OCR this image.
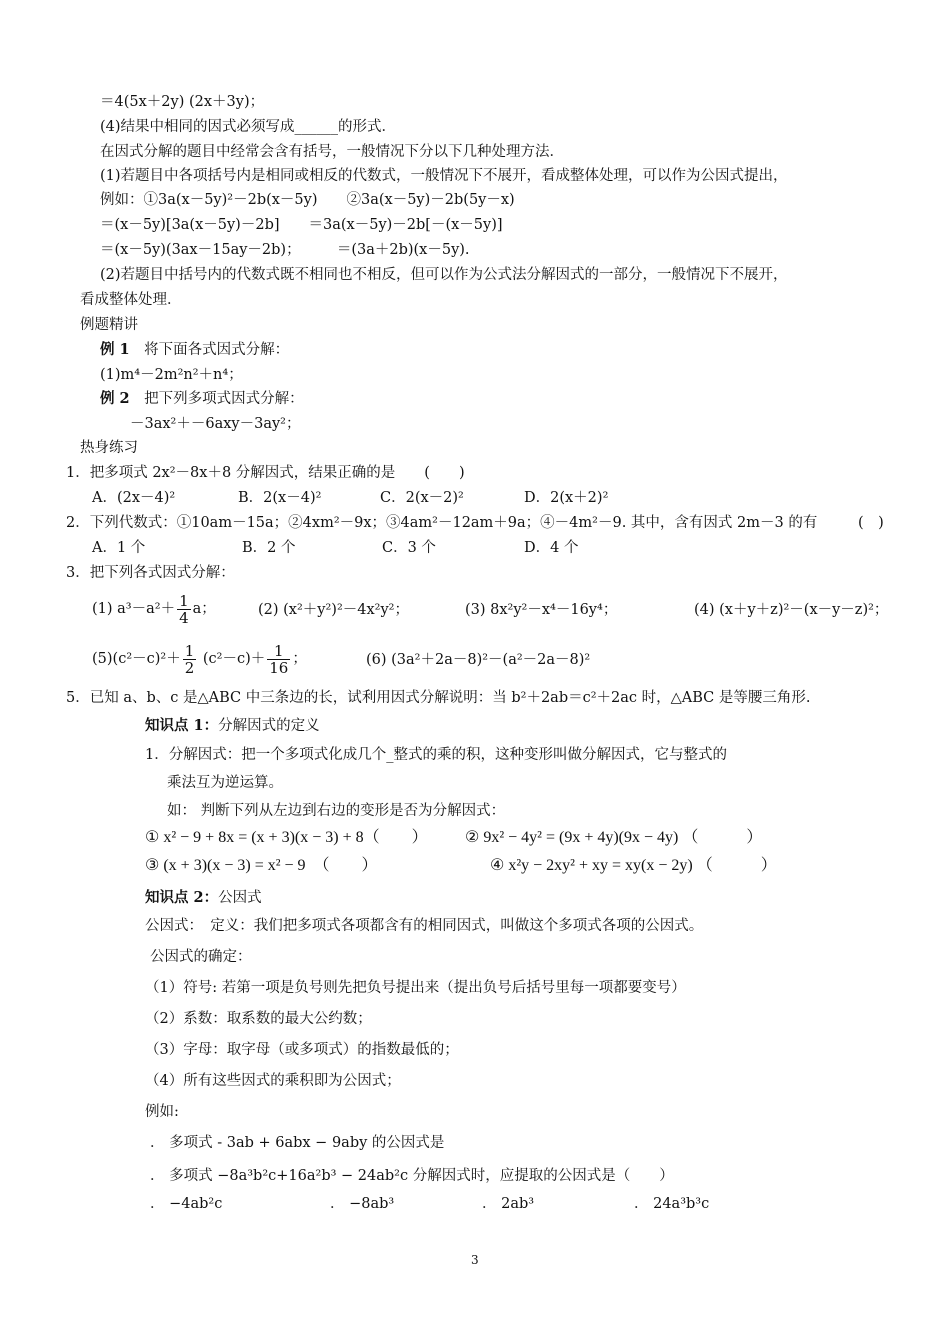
＝4(5x＋2y) (2x＋3y)；
(4)结果中相同的因式必须写成______的形式．
在因式分解的题目中经常会含有括号，一般情况下分以下几种处理方法．
(1)若题目中各项括号内是相同或相反的代数式，一般情况下不展开，看成整体处理，可以作为公因式提出，
例如：①3a(x－5y)²－2b(x－5y)　　②3a(x－5y)－2b(5y－x)
＝(x－5y)[3a(x－5y)－2b]　　＝3a(x－5y)－2b[－(x－5y)]
＝(x－5y)(3ax－15ay－2b)；　　　＝(3a＋2b)(x－5y).
(2)若题目中括号内的代数式既不相同也不相反，但可以作为公式法分解因式的一部分，一般情况下不展开，
看成整体处理．
例题精讲
例 1　将下面各式因式分解：
(1)m⁴－2m²n²＋n⁴；
例 2　把下列多项式因式分解：
－3ax²＋－6axy－3ay²；
热身练习
1．把多项式 2x²－8x＋8 分解因式，结果正确的是　　(　　)
A．(2x－4)²	B．2(x－4)²	C．2(x－2)²	D．2(x＋2)²
2．下列代数式：①10am－15a；②4xm²－9x；③4am²－12am＋9a；④－4m²－9. 其中，含有因式 2m－3 的有	(　)
A．1 个	B．2 个	C．3 个	D．4 个
3．把下列各式因式分解：
(1) $a^3-a^2+ \frac{1}{4}$ a；	(2) (x²＋y²)²－4x²y²；	(3) 8x²y²－x⁴－16y⁴；	(4) (x＋y＋z)²－(x－y－z)²；
$(5)(c^2-c)^2+ \frac{1}{2} (c^2-c)+ \frac{1}{16}$ ；	(6) (3a²＋2a－8)²－(a²－2a－8)²
5．已知 a、b、c 是△ABC 中三条边的长，试利用因式分解说明：当 b²＋2ab＝c²＋2ac 时，△ABC 是等腰三角形.
知识点 1：分解因式的定义
1．分解因式：把一个多项式化成几个_整式的乘的积，这种变形叫做分解因式，它与整式的
乘法互为逆运算。
如： 判断下列从左边到右边的变形是否为分解因式：
① x² − 9 + 8x = (x + 3)(x − 3) + 8（　　） ② 9x² − 4y² = (9x + 4y)(9x − 4y) （　　　）
③ (x + 3)(x − 3) = x² − 9　（　　）	④ x²y − 2xy² + xy = xy(x − 2y) （　　　）
知识点 2：公因式
公因式：　定义：我们把多项式各项都含有的相同因式，叫做这个多项式各项的公因式。
公因式的确定：
（1）符号: 若第一项是负号则先把负号提出来（提出负号后括号里每一项都要变号）
（2）系数：取系数的最大公约数；
（3）字母：取字母（或多项式）的指数最低的；
（4）所有这些因式的乘积即为公因式；
例如:
． 多项式 - 3ab + 6abx − 9aby 的公因式是
． 多项式 −8a³b²c+16a²b³ − 24ab²c 分解因式时，应提取的公因式是（　　）
． −4ab²c	． −8ab³	． 2ab³	． 24a³b³c
3
